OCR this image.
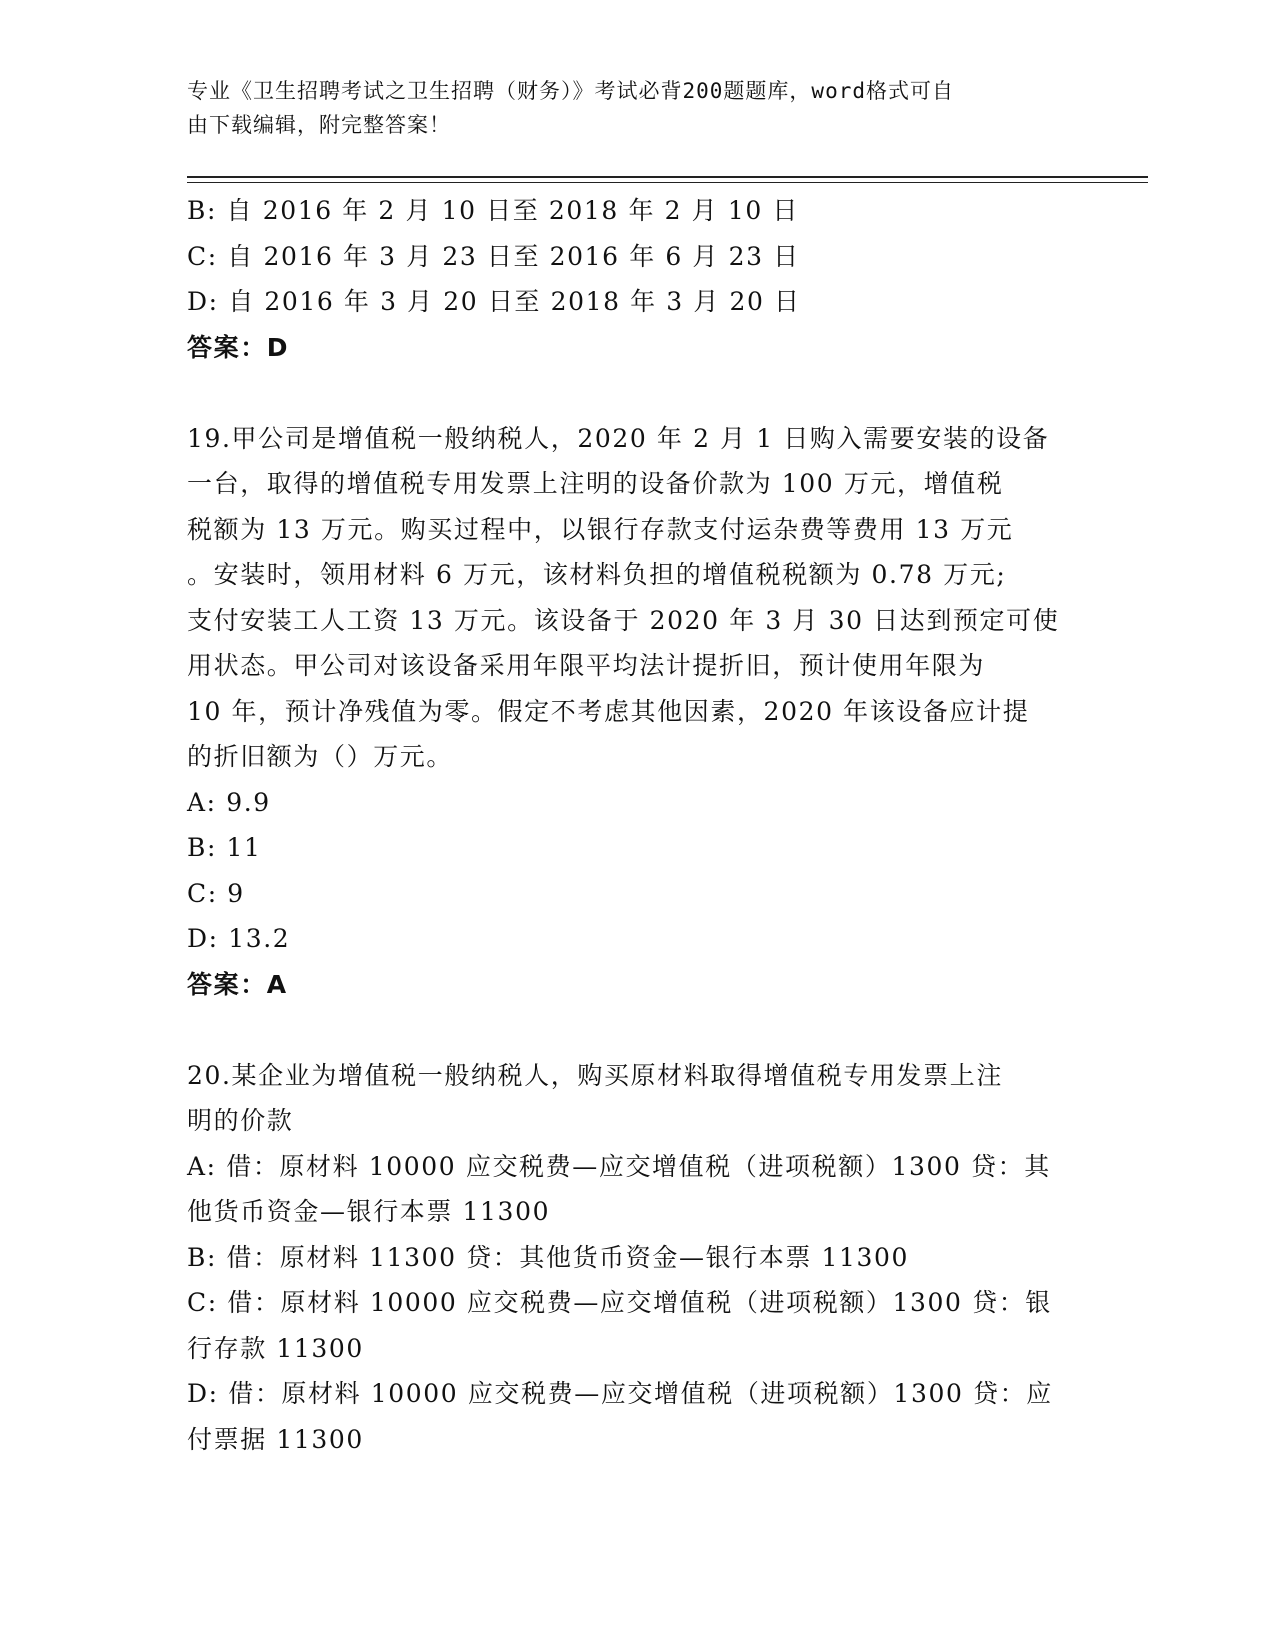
专业《卫生招聘考试之卫生招聘（财务）》考试必背200题题库，word格式可自
由下载编辑，附完整答案！

B: 自 2016 年 2 月 10 日至 2018 年 2 月 10 日

C: 自 2016 年 3 月 23 日至 2016 年 6 月 23 日

D: 自 2016 年 3 月 20 日至 2018 年 3 月 20 日

答案：D

19.甲公司是增值税一般纳税人，2020 年 2 月 1 日购入需要安装的设备

一台，取得的增值税专用发票上注明的设备价款为 100 万元，增值税

税额为 13 万元。购买过程中，以银行存款支付运杂费等费用 13 万元

。安装时，领用材料 6 万元，该材料负担的增值税税额为 0.78 万元;

支付安装工人工资 13 万元。该设备于 2020 年 3 月 30 日达到预定可使

用状态。甲公司对该设备采用年限平均法计提折旧，预计使用年限为

10 年，预计净残值为零。假定不考虑其他因素，2020 年该设备应计提

的折旧额为（）万元。

A: 9.9

B: 11

C: 9

D: 13.2

答案：A

20.某企业为增值税一般纳税人，购买原材料取得增值税专用发票上注

明的价款

A: 借：原材料 10000 应交税费—应交增值税（进项税额）1300 贷：其

他货币资金—银行本票 11300

B: 借：原材料 11300 贷：其他货币资金—银行本票 11300

C: 借：原材料 10000 应交税费—应交增值税（进项税额）1300 贷：银

行存款 11300

D: 借：原材料 10000 应交税费—应交增值税（进项税额）1300 贷：应

付票据 11300
